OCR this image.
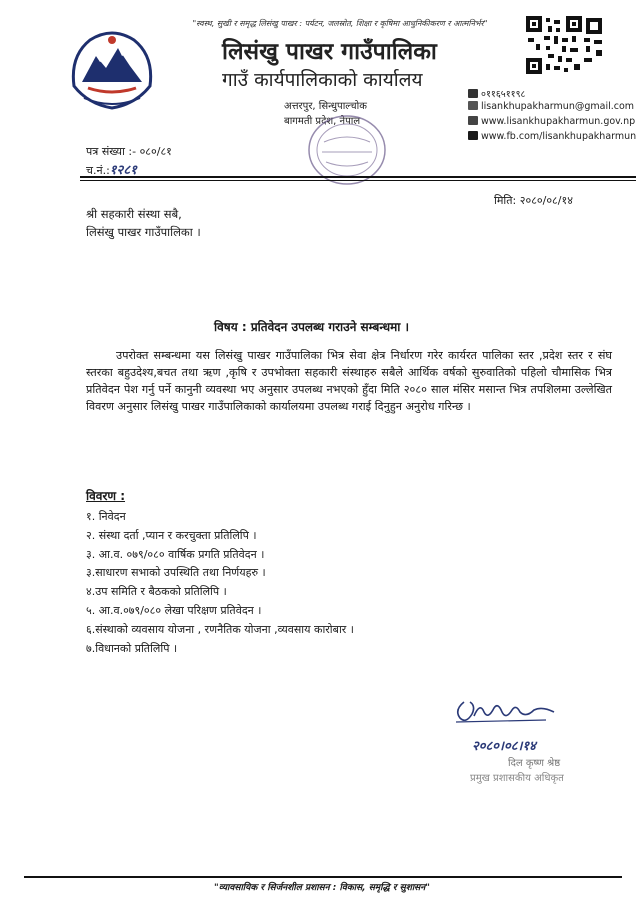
"स्वस्थ, सुखी र समृद्ध लिसंखु पाखर : पर्यटन, जलस्रोत, शिक्षा र कृषिमा आधुनिकीकरण र आत्मनिर्भर"
लिसंखु पाखर गाउँपालिका
गाउँ कार्यपालिकाको कार्यालय
अत्तरपुर, सिन्धुपाल्चोक
बागमती प्रदेश, नेपाल
०११६५११९८
lisankhupakharmun@gmail.com
www.lisankhupakharmun.gov.np
www.fb.com/lisankhupakharmun
पत्र संख्या :- ०८०/८१
च.नं.:१२८१
मिति: २०८०/०८/१४
श्री सहकारी संस्था सबै,
लिसंखु पाखर गाउँपालिका ।
विषय : प्रतिवेदन उपलब्ध गराउने सम्बन्धमा ।
उपरोक्त सम्बन्धमा यस लिसंखु पाखर गाउँपालिका भित्र सेवा क्षेत्र निर्धारण गरेर कार्यरत पालिका स्तर ,प्रदेश स्तर र संघ स्तरका बहुउदेश्य,बचत तथा ऋण ,कृषि र उपभोक्ता सहकारी संस्थाहरु सबैले आर्थिक वर्षको सुरुवातिको पहिलो चौमासिक भित्र प्रतिवेदन पेश गर्नु पर्ने कानुनी व्यवस्था भए अनुसार उपलब्ध नभएको हुँदा मिति २०८० साल मंसिर मसान्त भित्र तपशिलमा उल्लेखित विवरण अनुसार लिसंखु पाखर गाउँपालिकाको कार्यालयमा उपलब्ध गराई दिनुहुन अनुरोध गरिन्छ ।
विवरण :
१. निवेदन
२. संस्था दर्ता ,प्यान र करचुक्ता प्रतिलिपि ।
३. आ.व. ०७९/०८० वार्षिक प्रगति प्रतिवेदन ।
३.साधारण सभाको उपस्थिति तथा निर्णयहरु ।
४.उप समिति र बैठकको प्रतिलिपि ।
५. आ.व.०७९/०८० लेखा परिक्षण प्रतिवेदन ।
६.संस्थाको व्यवसाय योजना , रणनैतिक योजना ,व्यवसाय कारोबार ।
७.विधानको प्रतिलिपि ।
२०८०।०८।१४
दिल कृष्ण श्रेष्ठ
प्रमुख प्रशासकीय अधिकृत
"व्यावसायिक र सिर्जनशील प्रशासन : विकास, समृद्धि र सुशासन"
